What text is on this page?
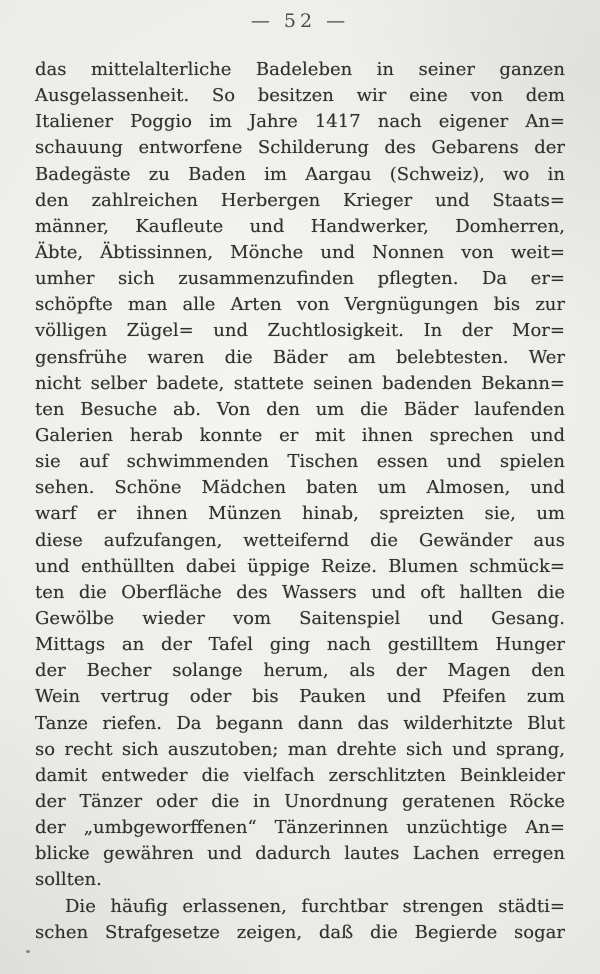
— 52 —
das mittelalterliche Badeleben in seiner ganzen
Ausgelassenheit. So besitzen wir eine von dem
Italiener Poggio im Jahre 1417 nach eigener An=
schauung entworfene Schilderung des Gebarens der
Badegäste zu Baden im Aargau (Schweiz), wo in
den zahlreichen Herbergen Krieger und Staats=
männer, Kaufleute und Handwerker, Domherren,
Äbte, Äbtissinnen, Mönche und Nonnen von weit=
umher sich zusammenzufinden pflegten. Da er=
schöpfte man alle Arten von Vergnügungen bis zur
völligen Zügel= und Zuchtlosigkeit. In der Mor=
gensfrühe waren die Bäder am belebtesten. Wer
nicht selber badete, stattete seinen badenden Bekann=
ten Besuche ab. Von den um die Bäder laufenden
Galerien herab konnte er mit ihnen sprechen und
sie auf schwimmenden Tischen essen und spielen
sehen. Schöne Mädchen baten um Almosen, und
warf er ihnen Münzen hinab, spreizten sie, um
diese aufzufangen, wetteifernd die Gewänder aus
und enthüllten dabei üppige Reize. Blumen schmück=
ten die Oberfläche des Wassers und oft hallten die
Gewölbe wieder vom Saitenspiel und Gesang.
Mittags an der Tafel ging nach gestilltem Hunger
der Becher solange herum, als der Magen den
Wein vertrug oder bis Pauken und Pfeifen zum
Tanze riefen. Da begann dann das wilderhitzte Blut
so recht sich auszutoben; man drehte sich und sprang,
damit entweder die vielfach zerschlitzten Beinkleider
der Tänzer oder die in Unordnung geratenen Röcke
der „umbgeworffenen“ Tänzerinnen unzüchtige An=
blicke gewähren und dadurch lautes Lachen erregen
sollten.
Die häufig erlassenen, furchtbar strengen städti=
schen Strafgesetze zeigen, daß die Begierde sogar
